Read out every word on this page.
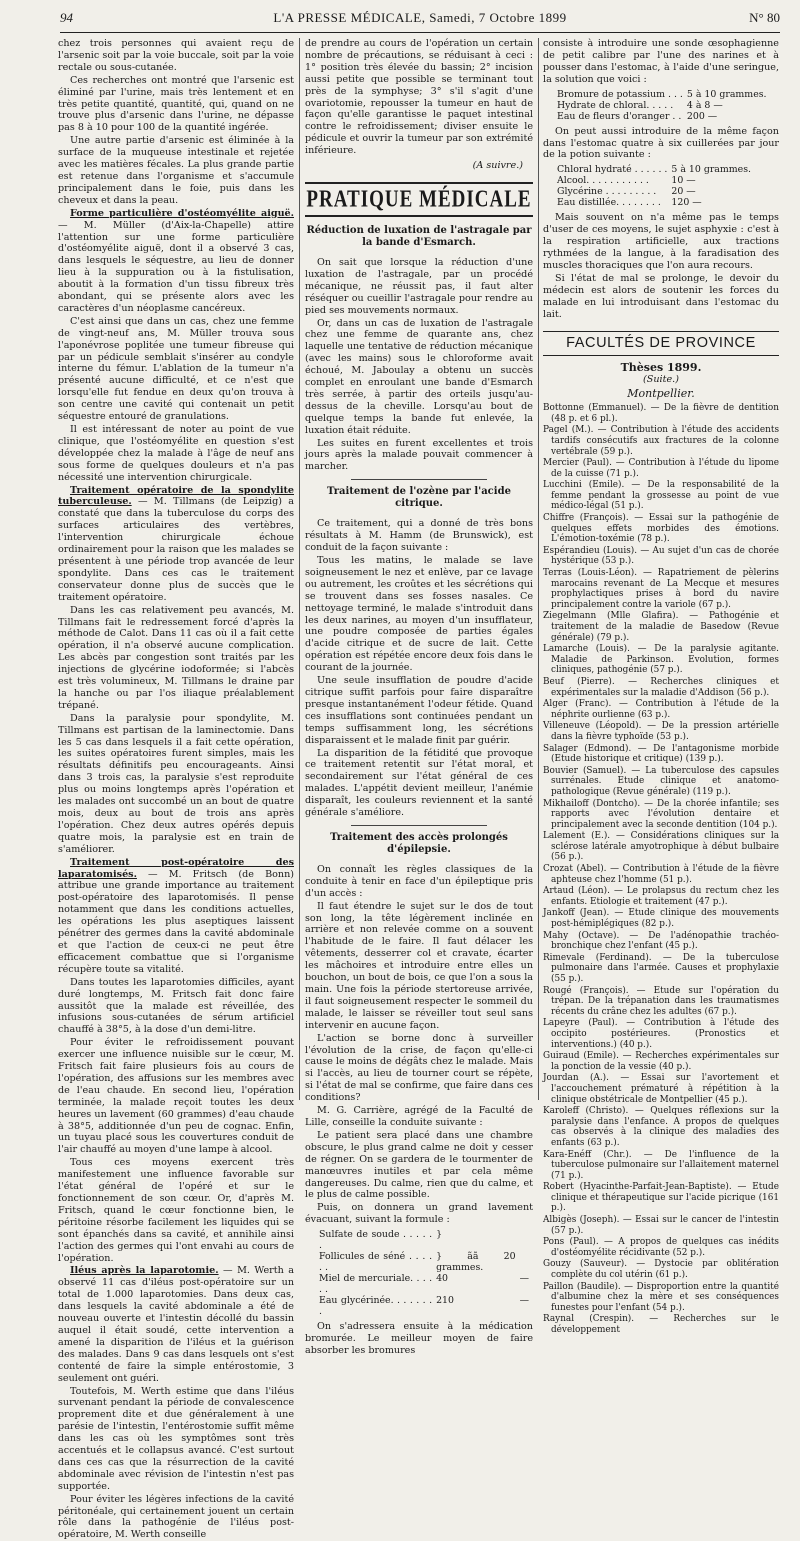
94	L'A PRESSE MÉDICALE, Samedi, 7 Octobre 1899	N° 80

chez trois personnes qui avaient reçu de l'arsenic soit par la voie buccale, soit par la voie rectale ou sous-cutanée.

Ces recherches ont montré que l'arsenic est éliminé par l'urine, mais très lentement et en très petite quantité, quantité, qui, quand on ne trouve plus d'arsenic dans l'urine, ne dépasse pas 8 à 10 pour 100 de la quantité ingérée.

Une autre partie d'arsenic est éliminée à la surface de la muqueuse intestinale et rejetée avec les matières fécales. La plus grande partie est retenue dans l'organisme et s'accumule principalement dans le foie, puis dans les cheveux et dans la peau.

Forme particulière d'ostéomyélite aiguë. — M. Müller (d'Aix-la-Chapelle) attire l'attention sur une forme particulière d'ostéomyélite aiguë, dont il a observé 3 cas, dans lesquels le séquestre, au lieu de donner lieu à la suppuration ou à la fistulisation, aboutit à la formation d'un tissu fibreux très abondant, qui se présente alors avec les caractères d'un néoplasme cancéreux.

C'est ainsi que dans un cas, chez une femme de vingt-neuf ans, M. Müller trouva sous l'aponévrose poplitée une tumeur fibreuse qui par un pédicule semblait s'insérer au condyle interne du fémur. L'ablation de la tumeur n'a présenté aucune difficulté, et ce n'est que lorsqu'elle fut fendue en deux qu'on trouva à son centre une cavité qui contenait un petit séquestre entouré de granulations.

Il est intéressant de noter au point de vue clinique, que l'ostéomyélite en question s'est développée chez la malade à l'âge de neuf ans sous forme de quelques douleurs et n'a pas nécessité une intervention chirurgicale.

Traitement opératoire de la spondylite tuberculeuse. — M. Tillmans (de Leipzig) a constaté que dans la tuberculose du corps des surfaces articulaires des vertèbres, l'intervention chirurgicale échoue ordinairement pour la raison que les malades se présentent à une période trop avancée de leur spondylite. Dans ces cas le traitement conservateur donne plus de succès que le traitement opératoire.

Dans les cas relativement peu avancés, M. Tillmans fait le redressement forcé d'après la méthode de Calot. Dans 11 cas où il a fait cette opération, il n'a observé aucune complication. Les abcès par congestion sont traités par les injections de glycérine iodoformée; si l'abcès est très volumineux, M. Tillmans le draine par la hanche ou par l'os iliaque préalablement trépané.

Dans la paralysie pour spondylite, M. Tillmans est partisan de la laminectomie. Dans les 5 cas dans lesquels il a fait cette opération, les suites opératoires furent simples, mais les résultats définitifs peu encourageants. Ainsi dans 3 trois cas, la paralysie s'est reproduite plus ou moins longtemps après l'opération et les malades ont succombé un an bout de quatre mois, deux au bout de trois ans après l'opération. Chez deux autres opérés depuis quatre mois, la paralysie est en train de s'améliorer.

Traitement post-opératoire des laparatomisés. — M. Fritsch (de Bonn) attribue une grande importance au traitement post-opératoire des laparotomisés. Il pense notamment que dans les conditions actuelles, les opérations les plus aseptiques laissent pénétrer des germes dans la cavité abdominale et que l'action de ceux-ci ne peut être efficacement combattue que si l'organisme récupère toute sa vitalité.

Dans toutes les laparotomies difficiles, ayant duré longtemps, M. Fritsch fait donc faire aussitôt que la malade est réveillée, des infusions sous-cutanées de sérum artificiel chauffé à 38°5, à la dose d'un demi-litre.

Pour éviter le refroidissement pouvant exercer une influence nuisible sur le cœur, M. Fritsch fait faire plusieurs fois au cours de l'opération, des affusions sur les membres avec de l'eau chaude. En second lieu, l'opération terminée, la malade reçoit toutes les deux heures un lavement (60 grammes) d'eau chaude à 38°5, additionnée d'un peu de cognac. Enfin, un tuyau placé sous les couvertures conduit de l'air chauffé au moyen d'une lampe à alcool.

Tous ces moyens exercent très manifestement une influence favorable sur l'état général de l'opéré et sur le fonctionnement de son cœur. Or, d'après M. Fritsch, quand le cœur fonctionne bien, le péritoine résorbe facilement les liquides qui se sont épanchés dans sa cavité, et annihile ainsi l'action des germes qui l'ont envahi au cours de l'opération.

Iléus après la laparotomie. — M. Werth a observé 11 cas d'iléus post-opératoire sur un total de 1.000 laparotomies. Dans deux cas, dans lesquels la cavité abdominale a été de nouveau ouverte et l'intestin décollé du bassin auquel il était soudé, cette intervention a amené la disparition de l'iléus et la guérison des malades. Dans 9 cas dans lesquels ont s'est contenté de faire la simple entérostomie, 3 seulement ont guéri.

Toutefois, M. Werth estime que dans l'iléus survenant pendant la période de convalescence proprement dite et due généralement à une parésie de l'intestin, l'entérostomie suffit même dans les cas où les symptômes sont très accentués et le collapsus avancé. C'est surtout dans ces cas que la résurrection de la cavité abdominale avec révision de l'intestin n'est pas supportée.

Pour éviter les légères infections de la cavité péritonéale, qui certainement jouent un certain rôle dans la pathogénie de l'iléus post-opératoire, M. Werth conseille

de prendre au cours de l'opération un certain nombre de précautions, se réduisant à ceci : 1° position très élevée du bassin; 2° incision aussi petite que possible se terminant tout près de la symphyse; 3° s'il s'agit d'une ovariotomie, repousser la tumeur en haut de façon qu'elle garantisse le paquet intestinal contre le refroidissement; diviser ensuite le pédicule et ouvrir la tumeur par son extrémité inférieure.

(A suivre.)
PRATIQUE MÉDICALE
Réduction de luxation de l'astragale par la bande d'Esmarch.

On sait que lorsque la réduction d'une luxation de l'astragale, par un procédé mécanique, ne réussit pas, il faut alter réséquer ou cueillir l'astragale pour rendre au pied ses mouvements normaux.

Or, dans un cas de luxation de l'astragale chez une femme de quarante ans, chez laquelle une tentative de réduction mécanique (avec les mains) sous le chloroforme avait échoué, M. Jaboulay a obtenu un succès complet en enroulant une bande d'Esmarch très serrée, à partir des orteils jusqu'au-dessus de la cheville. Lorsqu'au bout de quelque temps la bande fut enlevée, la luxation était réduite.

Les suites en furent excellentes et trois jours après la malade pouvait commencer à marcher.

Traitement de l'ozène par l'acide citrique.

Ce traitement, qui a donné de très bons résultats à M. Hamm (de Brunswick), est conduit de la façon suivante :

Tous les matins, le malade se lave soigneusement le nez et enlève, par ce lavage ou autrement, les croûtes et les sécrétions qui se trouvent dans ses fosses nasales. Ce nettoyage terminé, le malade s'introduit dans les deux narines, au moyen d'un insufflateur, une poudre composée de parties égales d'acide citrique et de sucre de lait. Cette opération est répétée encore deux fois dans le courant de la journée.

Une seule insufflation de poudre d'acide citrique suffit parfois pour faire disparaître presque instantanément l'odeur fétide. Quand ces insufflations sont continuées pendant un temps suffisamment long, les sécrétions disparaissent et le malade finit par guérir.

La disparition de la fétidité que provoque ce traitement retentit sur l'état moral, et secondairement sur l'état général de ces malades. L'appétit devient meilleur, l'anémie disparaît, les couleurs reviennent et la santé générale s'améliore.

Traitement des accès prolongés d'épilepsie.

On connaît les règles classiques de la conduite à tenir en face d'un épileptique pris d'un accès :

Il faut étendre le sujet sur le dos de tout son long, la tête légèrement inclinée en arrière et non relevée comme on a souvent l'habitude de le faire. Il faut délacer les vêtements, desserrer col et cravate, écarter les mâchoires et introduire entre elles un bouchon, un bout de bois, ce que l'on a sous la main. Une fois la période stertoreuse arrivée, il faut soigneusement respecter le sommeil du malade, le laisser se réveiller tout seul sans intervenir en aucune façon.

L'action se borne donc à surveiller l'évolution de la crise, de façon qu'elle-ci cause le moins de dégâts chez le malade. Mais si l'accès, au lieu de tourner court se répète, si l'état de mal se confirme, que faire dans ces conditions?

M. G. Carrière, agrégé de la Faculté de Lille, conseille la conduite suivante :

Le patient sera placé dans une chambre obscure, le plus grand calme ne doit y cesser de régner. On se gardera de le tourmenter de manœuvres inutiles et par cela même dangereuses. Du calme, rien que du calme, et le plus de calme possible.

Puis, on donnera un grand lavement évacuant, suivant la formule :

Sulfate de soude . . . . . .	}	
Follicules de séné . . . . . .	} ãã 20 grammes.	
Miel de mercuriale. . . . . .	40	—
Eau glycérinée. . . . . . . .	210	—

On s'adressera ensuite à la médication bromurée. Le meilleur moyen de faire absorber les bromures

consiste à introduire une sonde œsophagienne de petit calibre par l'une des narines et à pousser dans l'estomac, à l'aide d'une seringue, la solution que voici :

Bromure de potassium . . .	5 à 10 grammes.
Hydrate de chloral. . . . .	4 à 8 —
Eau de fleurs d'oranger . .	200 —

On peut aussi introduire de la même façon dans l'estomac quatre à six cuillerées par jour de la potion suivante :

Chloral hydraté . . . . . .	5 à 10 grammes.
Alcool. . . . . . . . . . .	10 —
Glycérine . . . . . . . . .	20 —
Eau distillée. . . . . . . .	120 —

Mais souvent on n'a même pas le temps d'user de ces moyens, le sujet asphyxie : c'est à la respiration artificielle, aux tractions rythmées de la langue, à la faradisation des muscles thoraciques que l'on aura recours.

Si l'état de mal se prolonge, le devoir du médecin est alors de soutenir les forces du malade en lui introduisant dans l'estomac du lait.

FACULTÉS DE PROVINCE
Thèses 1899.
(Suite.)
Montpellier.
Bottonne (Emmanuel). — De la fièvre de dentition (48 p. et 6 pl.).
Pagel (M.). — Contribution à l'étude des accidents tardifs consécutifs aux fractures de la colonne vertébrale (59 p.).
Mercier (Paul). — Contribution à l'étude du lipome de la cuisse (71 p.).
Lucchini (Emile). — De la responsabilité de la femme pendant la grossesse au point de vue médico-légal (51 p.).
Chiffre (François). — Essai sur la pathogénie de quelques effets morbides des émotions. L'émotion-toxémie (78 p.).
Espérandieu (Louis). — Au sujet d'un cas de chorée hystérique (53 p.).
Terras (Louis-Léon). — Rapatriement de pèlerins marocains revenant de La Mecque et mesures prophylactiques prises à bord du navire principalement contre la variole (67 p.).
Ziegelmann (Mlle Glafira). — Pathogénie et traitement de la maladie de Basedow (Revue générale) (79 p.).
Lamarche (Louis). — De la paralysie agitante. Maladie de Parkinson. Evolution, formes cliniques, pathogénie (57 p.).
Beuf (Pierre). — Recherches cliniques et expérimentales sur la maladie d'Addison (56 p.).
Alger (Franc). — Contribution à l'étude de la néphrite ourlienne (63 p.).
Villeneuve (Léopold). — De la pression artérielle dans la fièvre typhoïde (53 p.).
Salager (Edmond). — De l'antagonisme morbide (Etude historique et critique) (139 p.).
Bouvier (Samuel). — La tuberculose des capsules surrénales. Etude clinique et anatomo-pathologique (Revue générale) (119 p.).
Mikhailoff (Dontcho). — De la chorée infantile; ses rapports avec l'évolution dentaire et principalement avec la seconde dentition (104 p.).
Lalement (E.). — Considérations cliniques sur la sclérose latérale amyotrophique à début bulbaire (56 p.).
Crozat (Abel). — Contribution à l'étude de la fièvre aphteuse chez l'homme (51 p.).
Artaud (Léon). — Le prolapsus du rectum chez les enfants. Etiologie et traitement (47 p.).
Jankoff (Jean). — Etude clinique des mouvements post-hémiplégiques (82 p.).
Mahy (Octave). — De l'adénopathie trachéo-bronchique chez l'enfant (45 p.).
Rimevale (Ferdinand). — De la tuberculose pulmonaire dans l'armée. Causes et prophylaxie (55 p.).
Rougé (François). — Etude sur l'opération du trépan. De la trépanation dans les traumatismes récents du crâne chez les adultes (67 p.).
Lapeyre (Paul). — Contribution à l'étude des occipito postérieures. (Pronostics et interventions.) (40 p.).
Guiraud (Emile). — Recherches expérimentales sur la ponction de la vessie (40 p.).
Jourdan (A.). — Essai sur l'avortement et l'accouchement prématuré à répétition à la clinique obstétricale de Montpellier (45 p.).
Karoleff (Christo). — Quelques réflexions sur la paralysie dans l'enfance. A propos de quelques cas observés à la clinique des maladies des enfants (63 p.).
Kara-Enéff (Chr.). — De l'influence de la tuberculose pulmonaire sur l'allaitement maternel (71 p.).
Robert (Hyacinthe-Parfait-Jean-Baptiste). — Etude clinique et thérapeutique sur l'acide picrique (161 p.).
Albigès (Joseph). — Essai sur le cancer de l'intestin (57 p.).
Pons (Paul). — A propos de quelques cas inédits d'ostéomyélite récidivante (52 p.).
Gouzy (Sauveur). — Dystocie par oblitération complète du col utérin (61 p.).
Paillon (Baudile). — Disproportion entre la quantité d'albumine chez la mère et ses conséquences funestes pour l'enfant (54 p.).
Raynal (Crespin). — Recherches sur le développement
